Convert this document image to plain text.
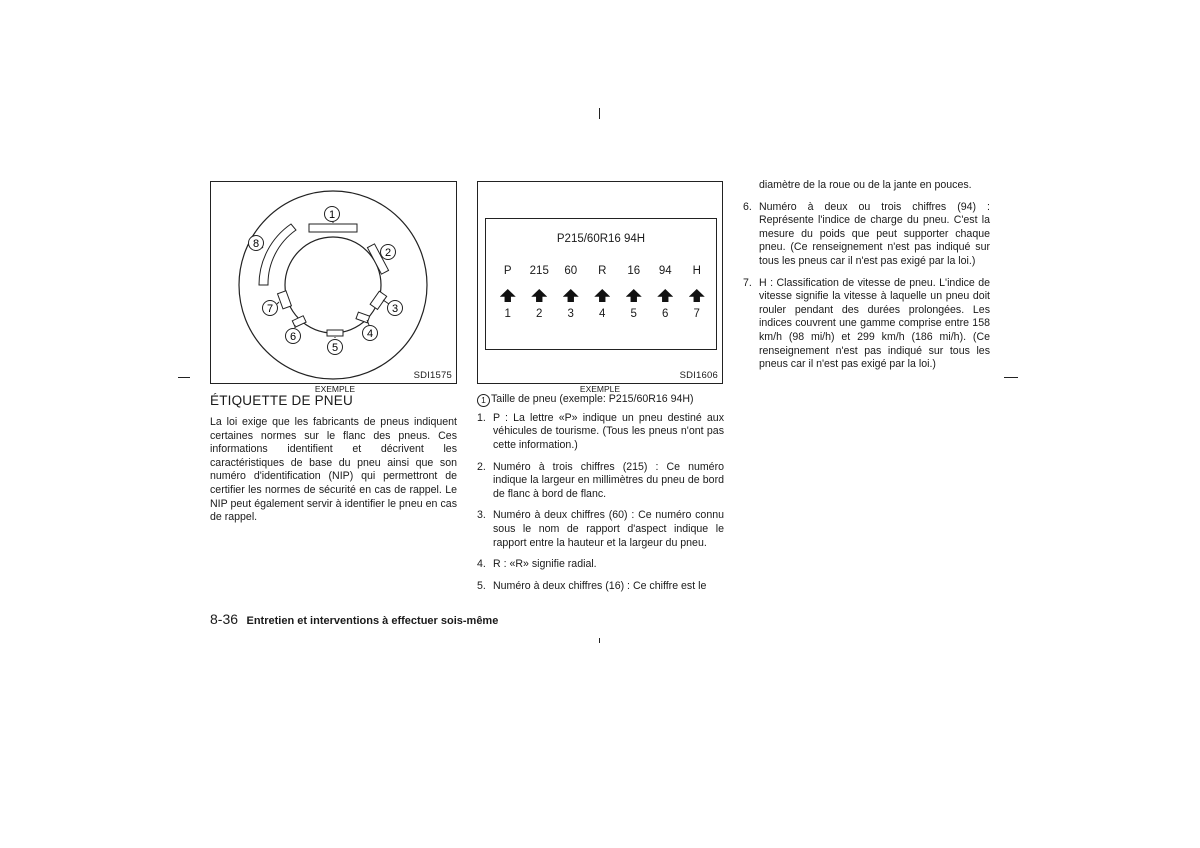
1
2
3
4
5
6
7
8
SDI1575
EXEMPLE
P215/60R16 94H
P	215	60	R	16	94	H
1	2	3	4	5	6	7
SDI1606
EXEMPLE
ÉTIQUETTE DE PNEU

La loi exige que les fabricants de pneus indiquent certaines normes sur le flanc des pneus. Ces informations identifient et décrivent les caractéristiques de base du pneu ainsi que son numéro d'identification (NIP) qui permettront de certifier les normes de sécurité en cas de rappel. Le NIP peut également servir à identifier le pneu en cas de rappel.

1 Taille de pneu (exemple: P215/60R16 94H)
1. P : La lettre «P» indique un pneu destiné aux véhicules de tourisme. (Tous les pneus n'ont pas cette information.)
2. Numéro à trois chiffres (215) : Ce numéro indique la largeur en millimètres du pneu de bord de flanc à bord de flanc.
3. Numéro à deux chiffres (60) : Ce numéro connu sous le nom de rapport d'aspect indique le rapport entre la hauteur et la largeur du pneu.
4. R : «R» signifie radial.
5. Numéro à deux chiffres (16) : Ce chiffre est le
diamètre de la roue ou de la jante en pouces.
6. Numéro à deux ou trois chiffres (94) : Représente l'indice de charge du pneu. C'est la mesure du poids que peut supporter chaque pneu. (Ce renseignement n'est pas indiqué sur tous les pneus car il n'est pas exigé par la loi.)
7. H : Classification de vitesse de pneu. L'indice de vitesse signifie la vitesse à laquelle un pneu doit rouler pendant des durées prolongées. Les indices couvrent une gamme comprise entre 158 km/h (98 mi/h) et 299 km/h (186 mi/h). (Ce renseignement n'est pas indiqué sur tous les pneus car il n'est pas exigé par la loi.)
8-36 Entretien et interventions à effectuer sois-même
